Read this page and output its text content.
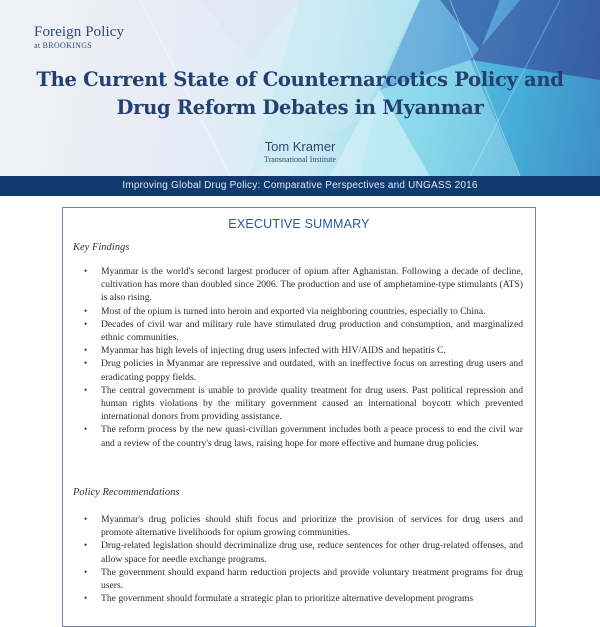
Foreign Policy
at BROOKINGS
The Current State of Counternarcotics Policy and
Drug Reform Debates in Myanmar
Tom Kramer
Transnational Institute
Improving Global Drug Policy: Comparative Perspectives and UNGASS 2016
EXECUTIVE SUMMARY
Key Findings
• Myanmar is the world's second largest producer of opium after Aghanistan. Following a decade of decline, cultivation has more than doubled since 2006. The production and use of amphetamine-type stimulants (ATS) is also rising.
• Most of the opium is turned into heroin and exported via neighboring countries, especially to China.
• Decades of civil war and military rule have stimulated drug production and consumption, and marginalized ethnic communities.
• Myanmar has high levels of injecting drug users infected with HIV/AIDS and hepatitis C.
• Drug policies in Myanmar are repressive and outdated, with an ineffective focus on arresting drug users and eradicating poppy fields.
• The central government is unable to provide quality treatment for drug users. Past political repression and human rights violations by the military government caused an international boycott which prevented international donors from providing assistance.
• The reform process by the new quasi-civilian government includes both a peace process to end the civil war and a review of the country's drug laws, raising hope for more effective and humane drug policies.
Policy Recommendations
• Myanmar's drug policies should shift focus and prioritize the provision of services for drug users and promote alternative livelihoods for opium growing communities.
• Drug-related legislation should decriminalize drug use, reduce sentences for other drug-related offenses, and allow space for needle exchange programs.
• The government should expand harm reduction projects and provide voluntary treatment programs for drug users.
• The government should formulate a strategic plan to prioritize alternative development programs
